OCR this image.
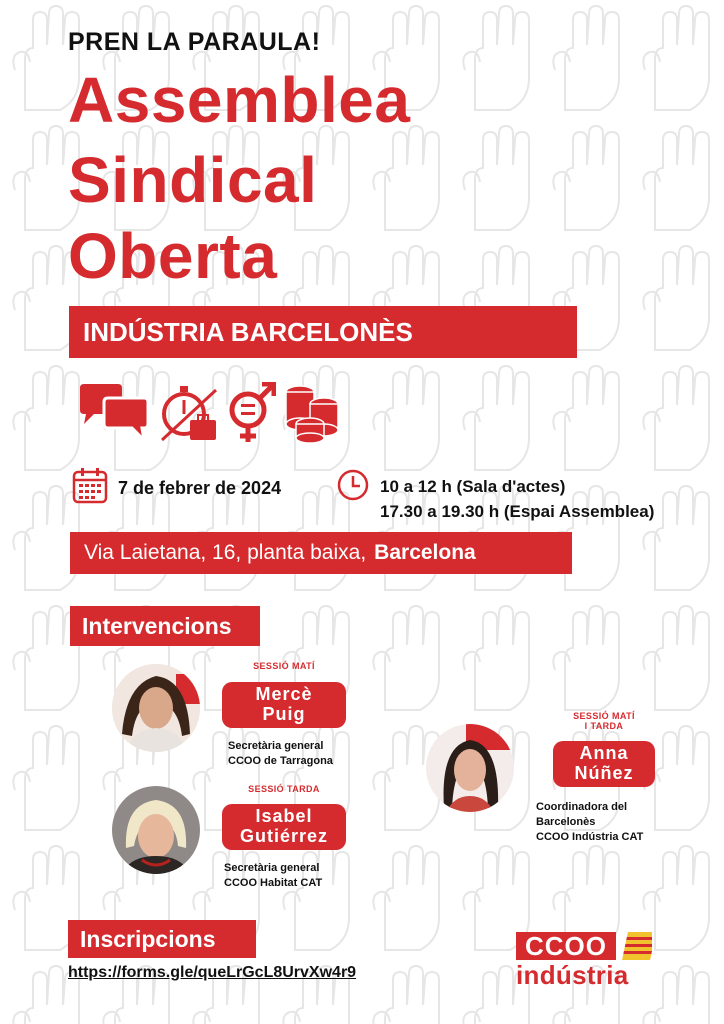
PREN LA PARAULA!
Assemblea
Sindical
Oberta
INDÚSTRIA BARCELONÈS
7 de febrer de 2024	10 a 12 h (Sala d'actes)
17.30 a 19.30 h (Espai Assemblea)
Via Laietana, 16, planta baixa, Barcelona
Intervencions
SESSIÓ MATÍ
Mercè
Puig
Secretària general
CCOO de Tarragona
SESSIÓ TARDA
Isabel
Gutiérrez
Secretària general
CCOO Habitat CAT
SESSIÓ MATÍ
I TARDA
Anna
Núñez
Coordinadora del
Barcelonès
CCOO Indústria CAT
Inscripcions
https://forms.gle/queLrGcL8UrvXw4r9
CCOO
indústria
